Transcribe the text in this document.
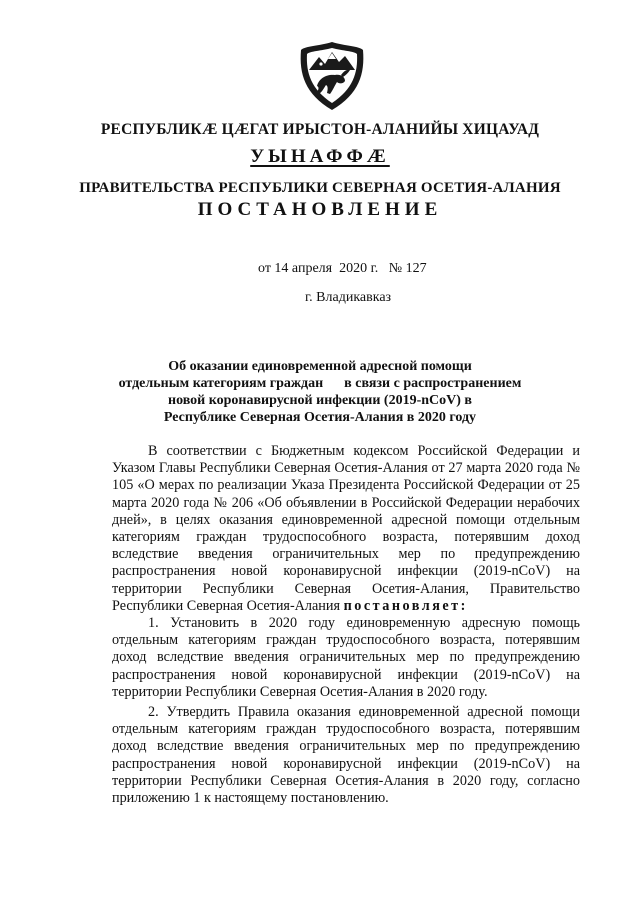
РЕСПУБЛИКÆ ЦÆГАТ ИРЫСТОН-АЛАНИЙЫ ХИЦАУАД
УЫНАФФÆ
ПРАВИТЕЛЬСТВА РЕСПУБЛИКИ СЕВЕРНАЯ ОСЕТИЯ-АЛАНИЯ
ПОСТАНОВЛЕНИЕ
от 14 апреля  2020 г.   № 127
г. Владикавказ
Об оказании единовременной адресной помощи
отдельным категориям граждан      в связи с распространением
новой коронавирусной инфекции (2019-nCoV) в
Республике Северная Осетия-Алания в 2020 году

В соответствии с Бюджетным кодексом Российской Федерации и Указом Главы Республики Северная Осетия-Алания от 27 марта 2020 года № 105 «О мерах по реализации Указа Президента Российской Федерации от 25 марта 2020 года № 206 «Об объявлении в Российской Федерации нерабочих дней», в целях оказания единовременной адресной помощи отдельным категориям граждан трудоспособного возраста, потерявшим доход вследствие введения ограничительных мер по предупреждению распространения новой коронавирусной инфекции (2019-nCoV) на территории Республики Северная Осетия-Алания, Правительство Республики Северная Осетия-Алания постановляет:

1. Установить в 2020 году единовременную адресную помощь отдельным категориям граждан трудоспособного возраста, потерявшим доход вследствие введения ограничительных мер по предупреждению распространения новой коронавирусной инфекции (2019-nCoV) на территории Республики Северная Осетия-Алания в 2020 году.

2. Утвердить Правила оказания единовременной адресной помощи отдельным категориям граждан трудоспособного возраста, потерявшим доход вследствие введения ограничительных мер по предупреждению распространения новой коронавирусной инфекции (2019-nCoV) на территории Республики Северная Осетия-Алания в 2020 году, согласно приложению 1 к настоящему постановлению.
